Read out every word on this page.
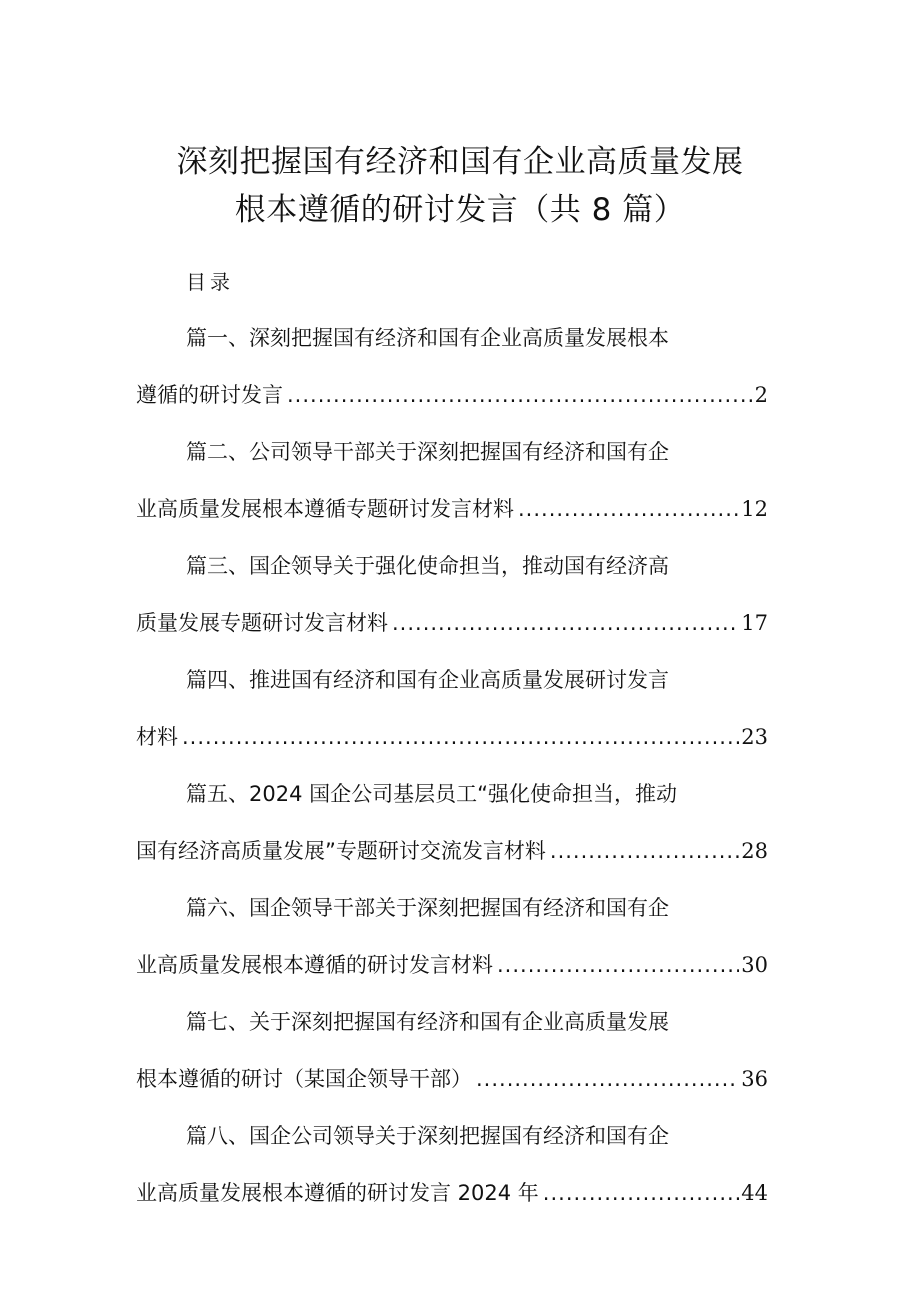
深刻把握国有经济和国有企业高质量发展
根本遵循的研讨发言（共 8 篇）
目录
篇一、深刻把握国有经济和国有企业高质量发展根本
遵循的研讨发言 .....	2
篇二、公司领导干部关于深刻把握国有经济和国有企
业高质量发展根本遵循专题研讨发言材料 .....	12
篇三、国企领导关于强化使命担当，推动国有经济高
质量发展专题研讨发言材料 .....	17
篇四、推进国有经济和国有企业高质量发展研讨发言
材料 .....	23
篇五、2024 国企公司基层员工“强化使命担当，推动
国有经济高质量发展”专题研讨交流发言材料 .....	28
篇六、国企领导干部关于深刻把握国有经济和国有企
业高质量发展根本遵循的研讨发言材料 .....	30
篇七、关于深刻把握国有经济和国有企业高质量发展
根本遵循的研讨（某国企领导干部） .....	36
篇八、国企公司领导关于深刻把握国有经济和国有企
业高质量发展根本遵循的研讨发言 2024 年 .....	44
